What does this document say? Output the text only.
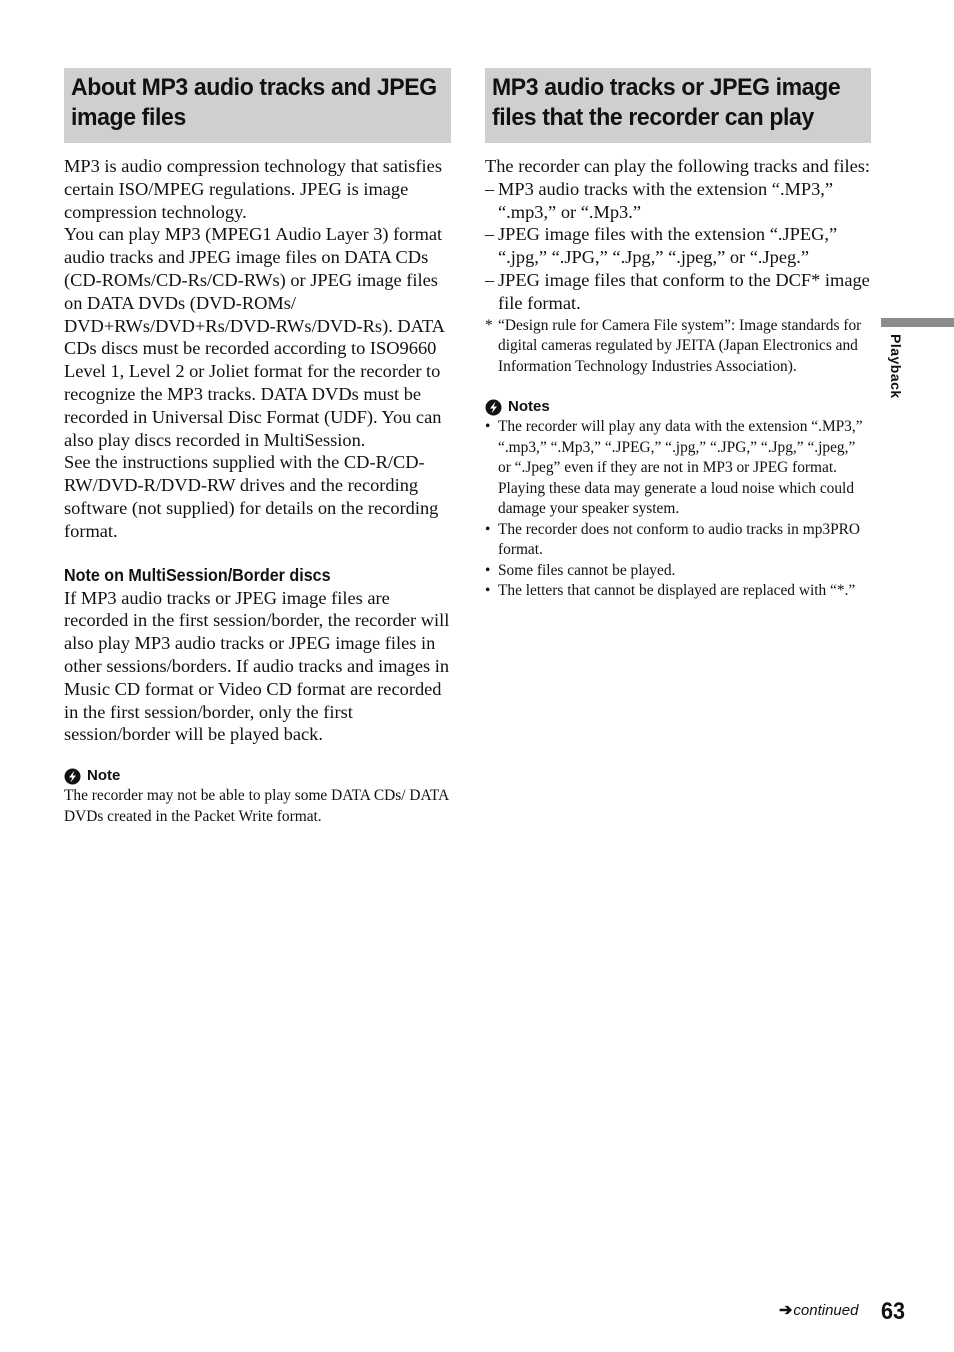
About MP3 audio tracks and JPEG
image files

MP3 is audio compression technology that satisfies certain ISO/MPEG regulations. JPEG is image compression technology.

You can play MP3 (MPEG1 Audio Layer 3) format audio tracks and JPEG image files on DATA CDs (CD-ROMs/CD-Rs/CD-RWs) or JPEG image files on DATA DVDs (DVD-ROMs/ DVD+RWs/DVD+Rs/DVD-RWs/DVD-Rs). DATA CDs discs must be recorded according to ISO9660 Level 1, Level 2 or Joliet format for the recorder to recognize the MP3 tracks. DATA DVDs must be recorded in Universal Disc Format (UDF). You can also play discs recorded in MultiSession.

See the instructions supplied with the CD-R/CD-RW/DVD-R/DVD-RW drives and the recording software (not supplied) for details on the recording format.

Note on MultiSession/Border discs

If MP3 audio tracks or JPEG image files are recorded in the first session/border, the recorder will also play MP3 audio tracks or JPEG image files in other sessions/borders. If audio tracks and images in Music CD format or Video CD format are recorded in the first session/border, only the first session/border will be played back.

Note

The recorder may not be able to play some DATA CDs/ DATA DVDs created in the Packet Write format.

MP3 audio tracks or JPEG image
files that the recorder can play

The recorder can play the following tracks and files:

– MP3 audio tracks with the extension “.MP3,” “.mp3,” or “.Mp3.”
– JPEG image files with the extension “.JPEG,” “.jpg,” “.JPG,” “.Jpg,” “.jpeg,” or “.Jpeg.”
– JPEG image files that conform to the DCF* image file format.
* “Design rule for Camera File system”: Image standards for digital cameras regulated by JEITA (Japan Electronics and Information Technology Industries Association).
Notes
• The recorder will play any data with the extension “.MP3,” “.mp3,” “.Mp3,” “.JPEG,” “.jpg,” “.JPG,” “.Jpg,” “.jpeg,” or “.Jpeg” even if they are not in MP3 or JPEG format. Playing these data may generate a loud noise which could damage your speaker system.
• The recorder does not conform to audio tracks in mp3PRO format.
• Some files cannot be played.
• The letters that cannot be displayed are replaced with “*.”
Playback
➔ continued 63
